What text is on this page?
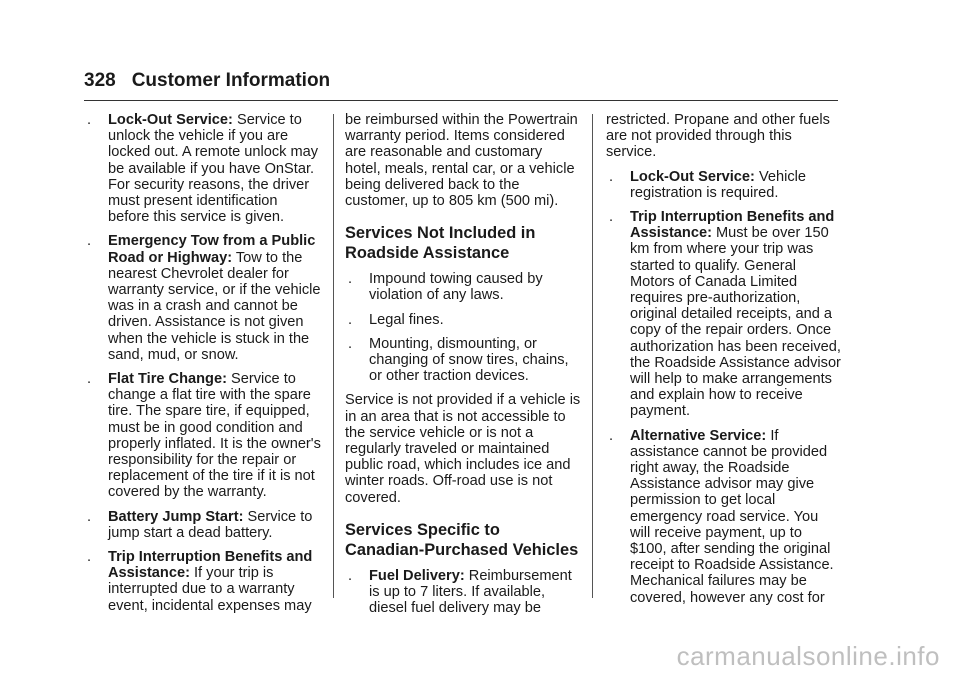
328 Customer Information
. Lock-Out Service: Service to unlock the vehicle if you are locked out. A remote unlock may be available if you have OnStar. For security reasons, the driver must present identification before this service is given.
. Emergency Tow from a Public Road or Highway: Tow to the nearest Chevrolet dealer for warranty service, or if the vehicle was in a crash and cannot be driven. Assistance is not given when the vehicle is stuck in the sand, mud, or snow.
. Flat Tire Change: Service to change a flat tire with the spare tire. The spare tire, if equipped, must be in good condition and properly inflated. It is the owner's responsibility for the repair or replacement of the tire if it is not covered by the warranty.
. Battery Jump Start: Service to jump start a dead battery.
. Trip Interruption Benefits and Assistance: If your trip is interrupted due to a warranty event, incidental expenses may
be reimbursed within the Powertrain warranty period. Items considered are reasonable and customary hotel, meals, rental car, or a vehicle being delivered back to the customer, up to 805 km (500 mi).
Services Not Included in Roadside Assistance
. Impound towing caused by violation of any laws.
. Legal fines.
. Mounting, dismounting, or changing of snow tires, chains, or other traction devices.
Service is not provided if a vehicle is in an area that is not accessible to the service vehicle or is not a regularly traveled or maintained public road, which includes ice and winter roads. Off-road use is not covered.
Services Specific to Canadian-Purchased Vehicles
. Fuel Delivery: Reimbursement is up to 7 liters. If available, diesel fuel delivery may be
restricted. Propane and other fuels are not provided through this service.
. Lock-Out Service: Vehicle registration is required.
. Trip Interruption Benefits and Assistance: Must be over 150 km from where your trip was started to qualify. General Motors of Canada Limited requires pre-authorization, original detailed receipts, and a copy of the repair orders. Once authorization has been received, the Roadside Assistance advisor will help to make arrangements and explain how to receive payment.
. Alternative Service: If assistance cannot be provided right away, the Roadside Assistance advisor may give permission to get local emergency road service. You will receive payment, up to $100, after sending the original receipt to Roadside Assistance. Mechanical failures may be covered, however any cost for
carmanualsonline.info
